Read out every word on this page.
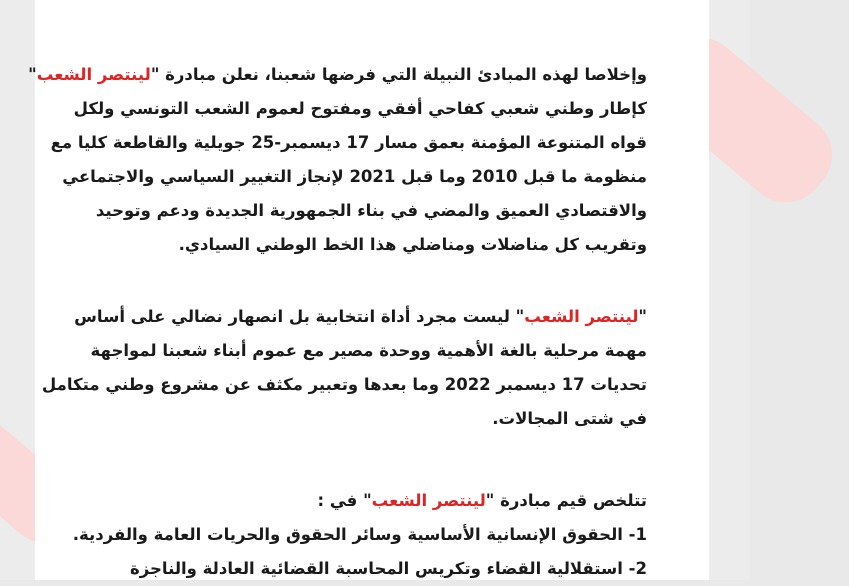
وإخلاصا لهذه المبادئ النبيلة التي فرضها شعبنا، نعلن مبادرة "لينتصر الشعب"
كإطار وطني شعبي كفاحي أفقي ومفتوح لعموم الشعب التونسي ولكل
قواه المتنوعة المؤمنة بعمق مسار 17 ديسمبر-25 جويلية والقاطعة كليا مع
منظومة ما قبل 2010 وما قبل 2021 لإنجاز التغيير السياسي والاجتماعي
والاقتصادي العميق والمضي في بناء الجمهورية الجديدة ودعم وتوحيد
وتقريب كل مناضلات ومناضلي هذا الخط الوطني السيادي.
"لينتصر الشعب" ليست مجرد أداة انتخابية بل انصهار نضالي على أساس
مهمة مرحلية بالغة الأهمية ووحدة مصير مع عموم أبناء شعبنا لمواجهة
تحديات 17 ديسمبر 2022 وما بعدها وتعبير مكثف عن مشروع وطني متكامل
في شتى المجالات.
تتلخص قيم مبادرة "لينتصر الشعب" في :
1- الحقوق الإنسانية الأساسية وسائر الحقوق والحريات العامة والفردية.
2- استقلالية القضاء وتكريس المحاسبة القضائية العادلة والناجزة
